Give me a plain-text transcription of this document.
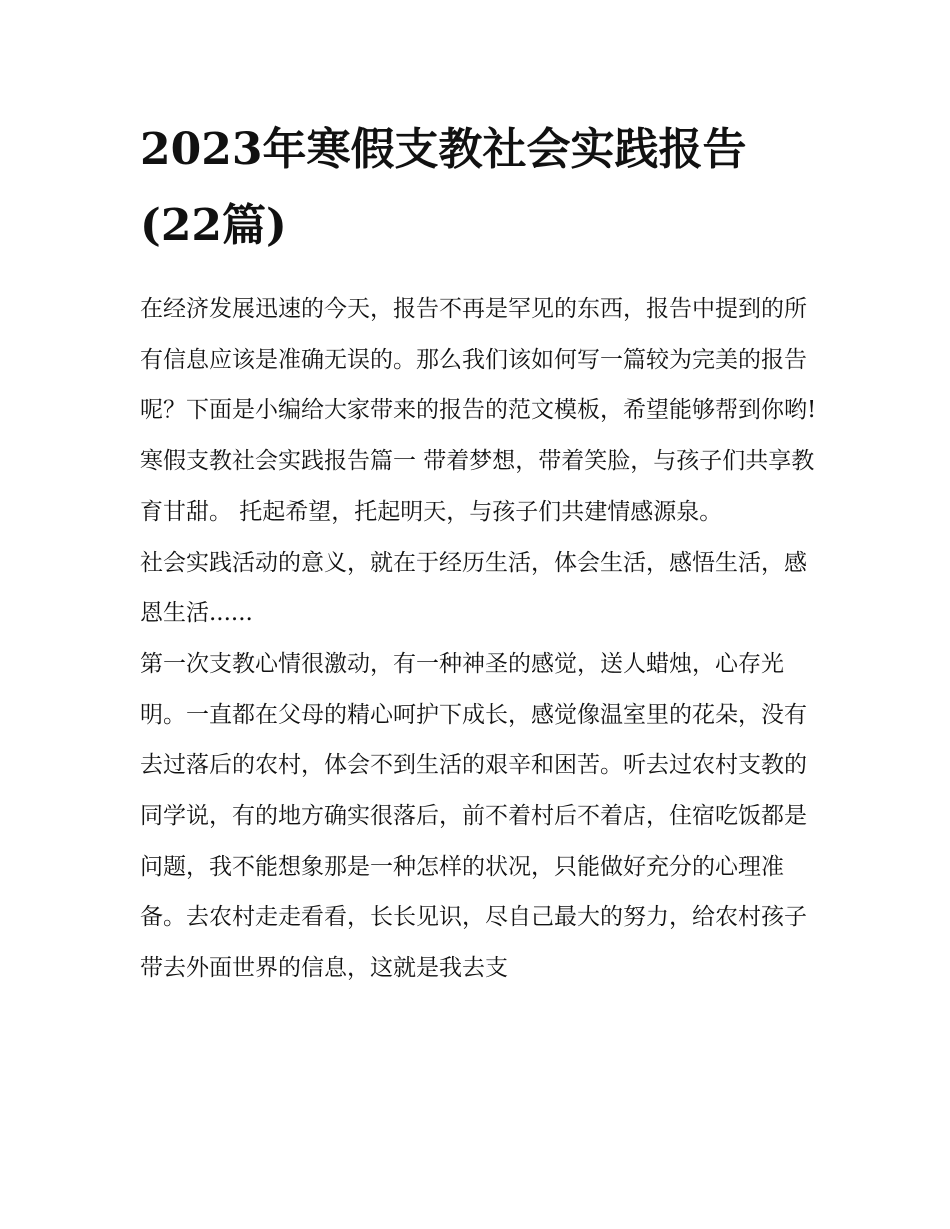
2023年寒假支教社会实践报告

(22篇)

在经济发展迅速的今天，报告不再是罕见的东西，报告中提到的所有信息应该是准确无误的。那么我们该如何写一篇较为完美的报告呢？下面是小编给大家带来的报告的范文模板，希望能够帮到你哟!

寒假支教社会实践报告篇一 带着梦想，带着笑脸，与孩子们共享教育甘甜。 托起希望，托起明天，与孩子们共建情感源泉。

社会实践活动的意义，就在于经历生活，体会生活，感悟生活，感恩生活......

第一次支教心情很激动，有一种神圣的感觉，送人蜡烛，心存光明。一直都在父母的精心呵护下成长，感觉像温室里的花朵，没有去过落后的农村，体会不到生活的艰辛和困苦。听去过农村支教的同学说，有的地方确实很落后，前不着村后不着店，住宿吃饭都是问题，我不能想象那是一种怎样的状况，只能做好充分的心理准备。去农村走走看看，长长见识，尽自己最大的努力，给农村孩子带去外面世界的信息，这就是我去支
